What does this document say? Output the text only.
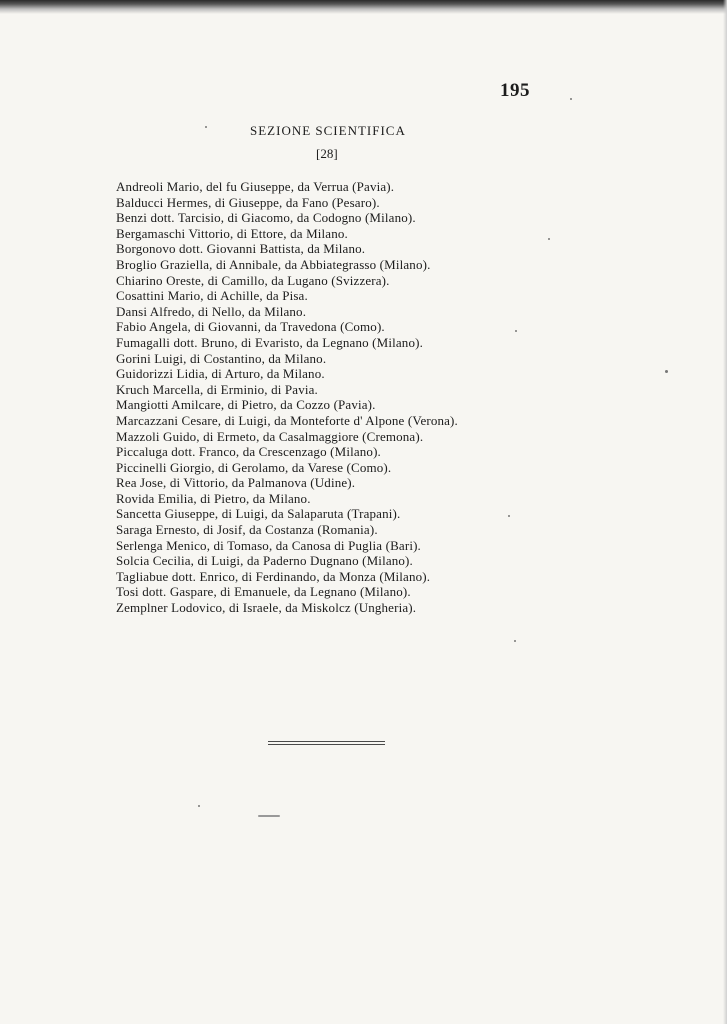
195
SEZIONE SCIENTIFICA
[28]
Andreoli Mario, del fu Giuseppe, da Verrua (Pavia).
Balducci Hermes, di Giuseppe, da Fano (Pesaro).
Benzi dott. Tarcisio, di Giacomo, da Codogno (Milano).
Bergamaschi Vittorio, di Ettore, da Milano.
Borgonovo dott. Giovanni Battista, da Milano.
Broglio Graziella, di Annibale, da Abbiategrasso (Milano).
Chiarino Oreste, di Camillo, da Lugano (Svizzera).
Cosattini Mario, di Achille, da Pisa.
Dansi Alfredo, di Nello, da Milano.
Fabio Angela, di Giovanni, da Travedona (Como).
Fumagalli dott. Bruno, di Evaristo, da Legnano (Milano).
Gorini Luigi, di Costantino, da Milano.
Guidorizzi Lidia, di Arturo, da Milano.
Kruch Marcella, di Erminio, di Pavia.
Mangiotti Amilcare, di Pietro, da Cozzo (Pavia).
Marcazzani Cesare, di Luigi, da Monteforte d' Alpone (Verona).
Mazzoli Guido, di Ermeto, da Casalmaggiore (Cremona).
Piccaluga dott. Franco, da Crescenzago (Milano).
Piccinelli Giorgio, di Gerolamo, da Varese (Como).
Rea Jose, di Vittorio, da Palmanova (Udine).
Rovida Emilia, di Pietro, da Milano.
Sancetta Giuseppe, di Luigi, da Salaparuta (Trapani).
Saraga Ernesto, di Josif, da Costanza (Romania).
Serlenga Menico, di Tomaso, da Canosa di Puglia (Bari).
Solcia Cecilia, di Luigi, da Paderno Dugnano (Milano).
Tagliabue dott. Enrico, di Ferdinando, da Monza (Milano).
Tosi dott. Gaspare, di Emanuele, da Legnano (Milano).
Zemplner Lodovico, di Israele, da Miskolcz (Ungheria).
